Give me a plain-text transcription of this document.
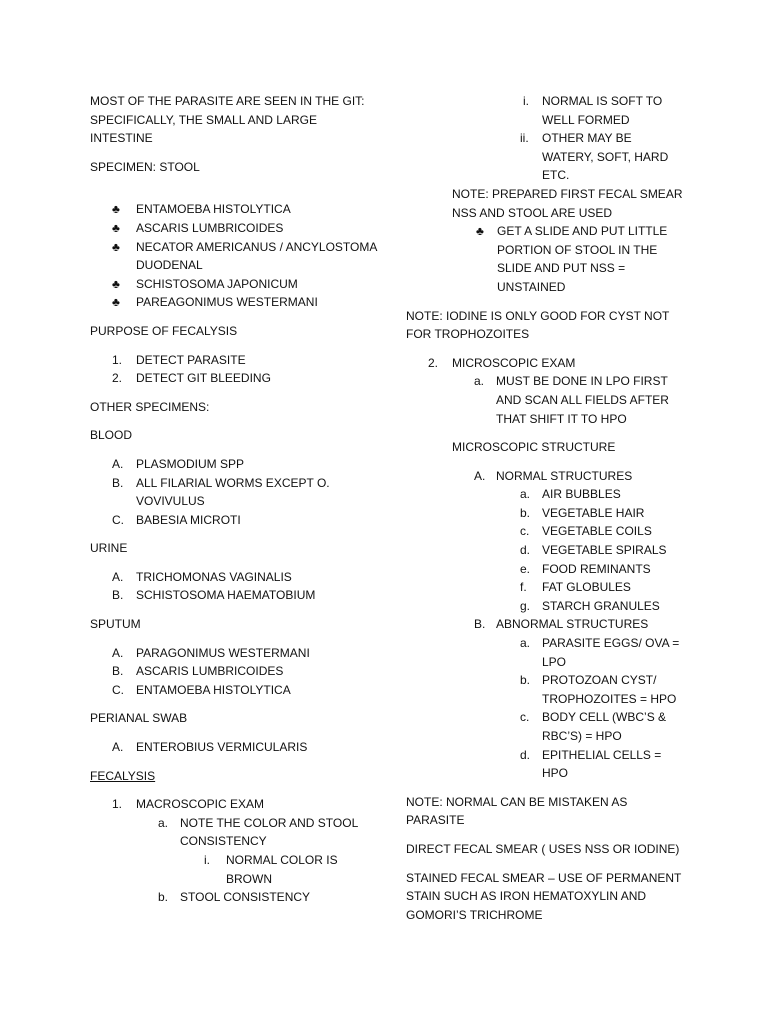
MOST OF THE PARASITE ARE SEEN IN THE GIT: SPECIFICALLY, THE SMALL AND LARGE INTESTINE

SPECIMEN: STOOL

♣ ENTAMOEBA HISTOLYTICA
♣ ASCARIS LUMBRICOIDES
♣ NECATOR AMERICANUS / ANCYLOSTOMA DUODENAL
♣ SCHISTOSOMA JAPONICUM
♣ PAREAGONIMUS WESTERMANI

PURPOSE OF FECALYSIS

1. DETECT PARASITE
2. DETECT GIT BLEEDING

OTHER SPECIMENS:

BLOOD

A. PLASMODIUM SPP
B. ALL FILARIAL WORMS EXCEPT O. VOVIVULUS
C. BABESIA MICROTI

URINE

A. TRICHOMONAS VAGINALIS
B. SCHISTOSOMA HAEMATOBIUM

SPUTUM

A. PARAGONIMUS WESTERMANI
B. ASCARIS LUMBRICOIDES
C. ENTAMOEBA HISTOLYTICA

PERIANAL SWAB

A. ENTEROBIUS VERMICULARIS

FECALYSIS

1. MACROSCOPIC EXAM
a. NOTE THE COLOR AND STOOL CONSISTENCY
i. NORMAL COLOR IS BROWN
b. STOOL CONSISTENCY
i. NORMAL IS SOFT TO WELL FORMED
ii. OTHER MAY BE WATERY, SOFT, HARD ETC.

NOTE: PREPARED FIRST FECAL SMEAR NSS AND STOOL ARE USED

♣ GET A SLIDE AND PUT LITTLE PORTION OF STOOL IN THE SLIDE AND PUT NSS = UNSTAINED

NOTE: IODINE IS ONLY GOOD FOR CYST NOT FOR TROPHOZOITES

2. MICROSCOPIC EXAM
a. MUST BE DONE IN LPO FIRST AND SCAN ALL FIELDS AFTER THAT SHIFT IT TO HPO

MICROSCOPIC STRUCTURE

A. NORMAL STRUCTURES
a. AIR BUBBLES
b. VEGETABLE HAIR
c. VEGETABLE COILS
d. VEGETABLE SPIRALS
e. FOOD REMINANTS
f. FAT GLOBULES
g. STARCH GRANULES
B. ABNORMAL STRUCTURES
a. PARASITE EGGS/ OVA = LPO
b. PROTOZOAN CYST/ TROPHOZOITES = HPO
c. BODY CELL (WBC’S & RBC’S) = HPO
d. EPITHELIAL CELLS = HPO

NOTE: NORMAL CAN BE MISTAKEN AS PARASITE

DIRECT FECAL SMEAR ( USES NSS OR IODINE)

STAINED FECAL SMEAR – USE OF PERMANENT STAIN SUCH AS IRON HEMATOXYLIN AND GOMORI’S TRICHROME
